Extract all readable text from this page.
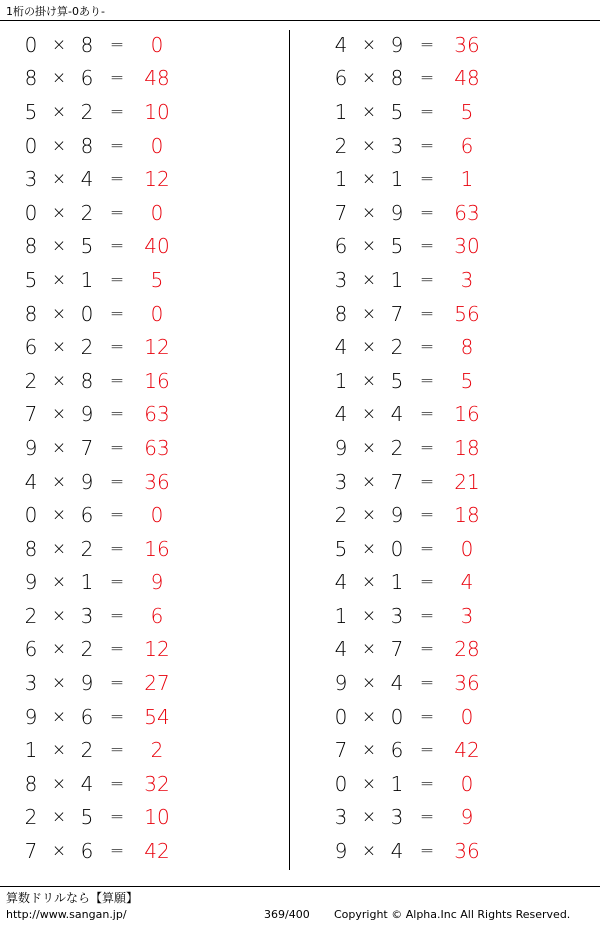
1桁の掛け算-0あり-
0 × 8 =	0
8 × 6 =	48
5 × 2 =	10
0 × 8 =	0
3 × 4 =	12
0 × 2 =	0
8 × 5 =	40
5 × 1 =	5
8 × 0 =	0
6 × 2 =	12
2 × 8 =	16
7 × 9 =	63
9 × 7 =	63
4 × 9 =	36
0 × 6 =	0
8 × 2 =	16
9 × 1 =	9
2 × 3 =	6
6 × 2 =	12
3 × 9 =	27
9 × 6 =	54
1 × 2 =	2
8 × 4 =	32
2 × 5 =	10
7 × 6 =	42
4 × 9 =	36
6 × 8 =	48
1 × 5 =	5
2 × 3 =	6
1 × 1 =	1
7 × 9 =	63
6 × 5 =	30
3 × 1 =	3
8 × 7 =	56
4 × 2 =	8
1 × 5 =	5
4 × 4 =	16
9 × 2 =	18
3 × 7 =	21
2 × 9 =	18
5 × 0 =	0
4 × 1 =	4
1 × 3 =	3
4 × 7 =	28
9 × 4 =	36
0 × 0 =	0
7 × 6 =	42
0 × 1 =	0
3 × 3 =	9
9 × 4 =	36
算数ドリルなら【算願】
http://www.sangan.jp/	369/400 Copyright © Alpha.Inc All Rights Reserved.
